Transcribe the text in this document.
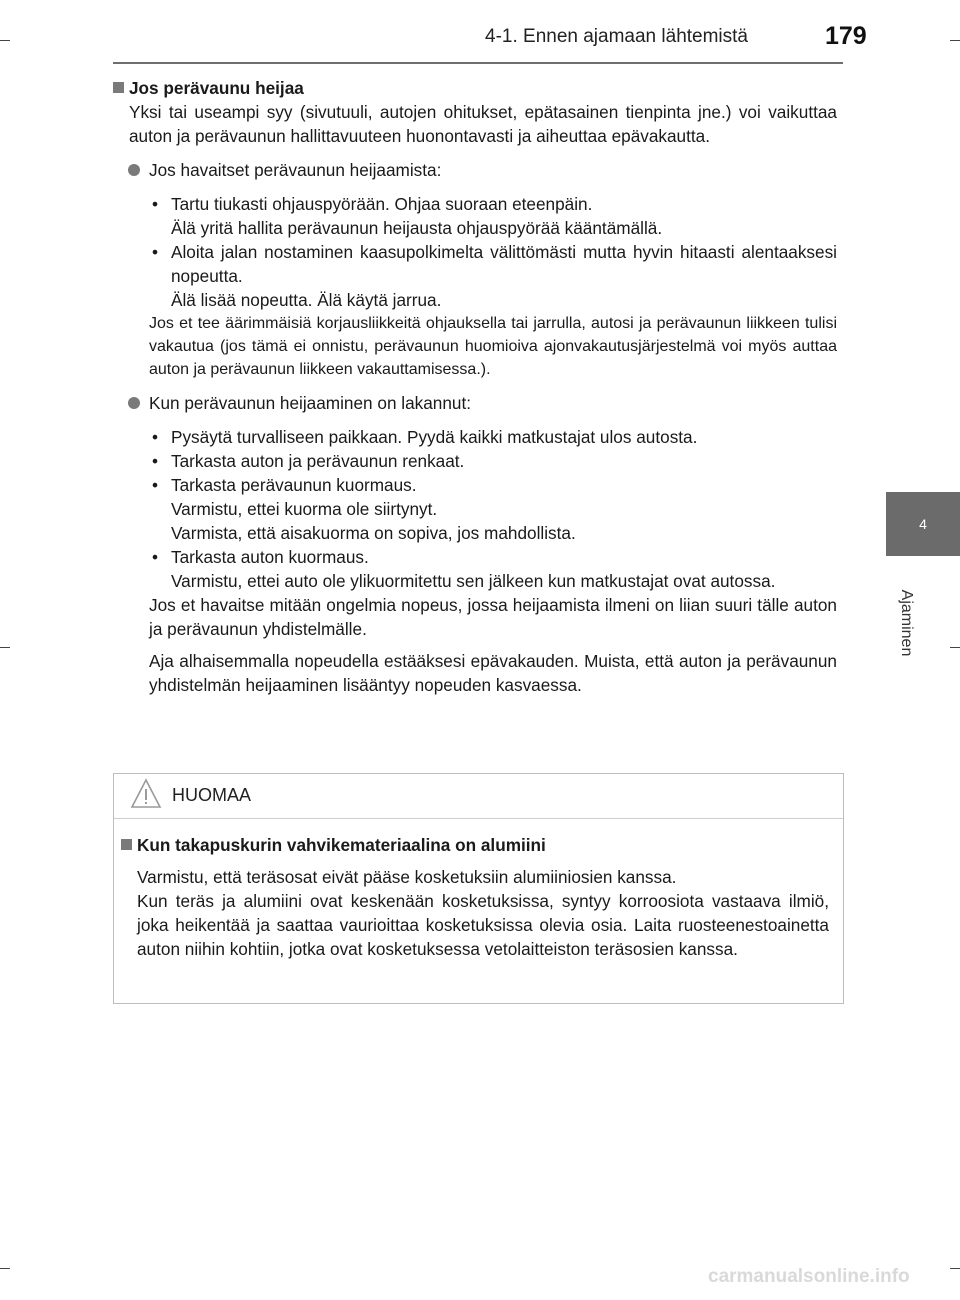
4-1. Ennen ajamaan lähtemistä	179
4
Ajaminen

Jos perävaunu heijaa

Yksi tai useampi syy (sivutuuli, autojen ohitukset, epätasainen tienpinta jne.) voi vaikuttaa auton ja perävaunun hallittavuuteen huonontavasti ja aiheuttaa epävakautta.

Jos havaitset perävaunun heijaamista:
• Tartu tiukasti ohjauspyörään. Ohjaa suoraan eteenpäin.
Älä yritä hallita perävaunun heijausta ohjauspyörää kääntämällä.
• Aloita jalan nostaminen kaasupolkimelta välittömästi mutta hyvin hitaasti alentaaksesi nopeutta.
Älä lisää nopeutta. Älä käytä jarrua.

Jos et tee äärimmäisiä korjausliikkeitä ohjauksella tai jarrulla, autosi ja perävaunun liikkeen tulisi vakautua (jos tämä ei onnistu, perävaunun huomioiva ajonvakautusjärjestelmä voi myös auttaa auton ja perävaunun liikkeen vakauttamisessa.).

Kun perävaunun heijaaminen on lakannut:
• Pysäytä turvalliseen paikkaan. Pyydä kaikki matkustajat ulos autosta.
• Tarkasta auton ja perävaunun renkaat.
• Tarkasta perävaunun kuormaus.
Varmistu, ettei kuorma ole siirtynyt.
Varmista, että aisakuorma on sopiva, jos mahdollista.
• Tarkasta auton kuormaus.
Varmistu, ettei auto ole ylikuormitettu sen jälkeen kun matkustajat ovat autossa.

Jos et havaitse mitään ongelmia nopeus, jossa heijaamista ilmeni on liian suuri tälle auton ja perävaunun yhdistelmälle.

Aja alhaisemmalla nopeudella estääksesi epävakauden. Muista, että auton ja perävaunun yhdistelmän heijaaminen lisääntyy nopeuden kasvaessa.

HUOMAA

Kun takapuskurin vahvikemateriaalina on alumiini

Varmistu, että teräsosat eivät pääse kosketuksiin alumiiniosien kanssa.

Kun teräs ja alumiini ovat keskenään kosketuksissa, syntyy korroosiota vastaava ilmiö, joka heikentää ja saattaa vaurioittaa kosketuksissa olevia osia. Laita ruosteenestoainetta auton niihin kohtiin, jotka ovat kosketuksessa vetolaitteiston teräsosien kanssa.

carmanualsonline.info
